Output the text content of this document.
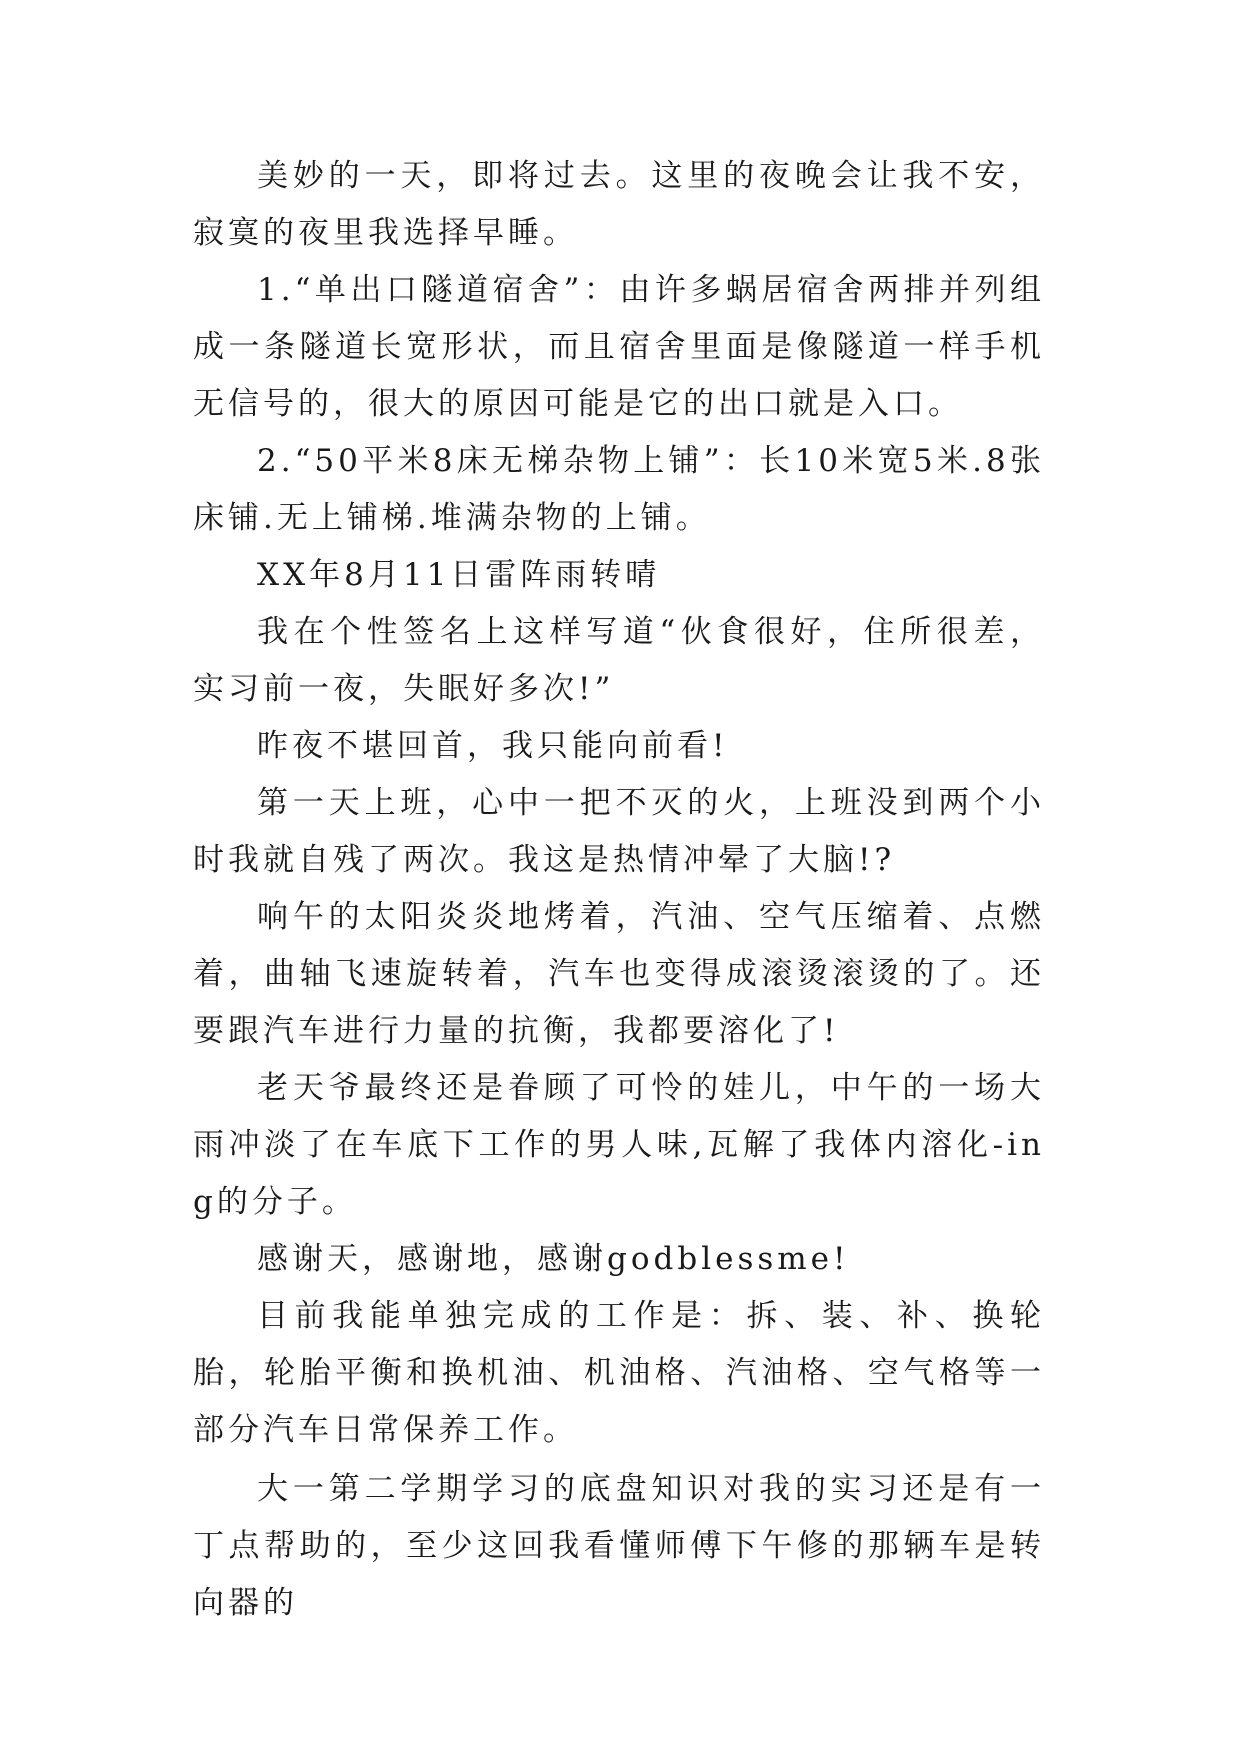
美妙的一天，即将过去。这里的夜晚会让我不安，寂寞的夜里我选择早睡。

1.“单出口隧道宿舍”：由许多蜗居宿舍两排并列组成一条隧道长宽形状，而且宿舍里面是像隧道一样手机无信号的，很大的原因可能是它的出口就是入口。

2.“50平米8床无梯杂物上铺”：长10米宽5米.8张床铺.无上铺梯.堆满杂物的上铺。

XX年8月11日雷阵雨转晴

我在个性签名上这样写道“伙食很好，住所很差，实习前一夜，失眠好多次!”

昨夜不堪回首，我只能向前看!

第一天上班，心中一把不灭的火，上班没到两个小时我就自残了两次。我这是热情冲晕了大脑!?

响午的太阳炎炎地烤着，汽油、空气压缩着、点燃着，曲轴飞速旋转着，汽车也变得成滚烫滚烫的了。还要跟汽车进行力量的抗衡，我都要溶化了!

老天爷最终还是眷顾了可怜的娃儿，中午的一场大雨冲淡了在车底下工作的男人味,瓦解了我体内溶化-ing的分子。

感谢天，感谢地，感谢godblessme!

目前我能单独完成的工作是：拆、装、补、换轮胎，轮胎平衡和换机油、机油格、汽油格、空气格等一部分汽车日常保养工作。

大一第二学期学习的底盘知识对我的实习还是有一丁点帮助的，至少这回我看懂师傅下午修的那辆车是转向器的
